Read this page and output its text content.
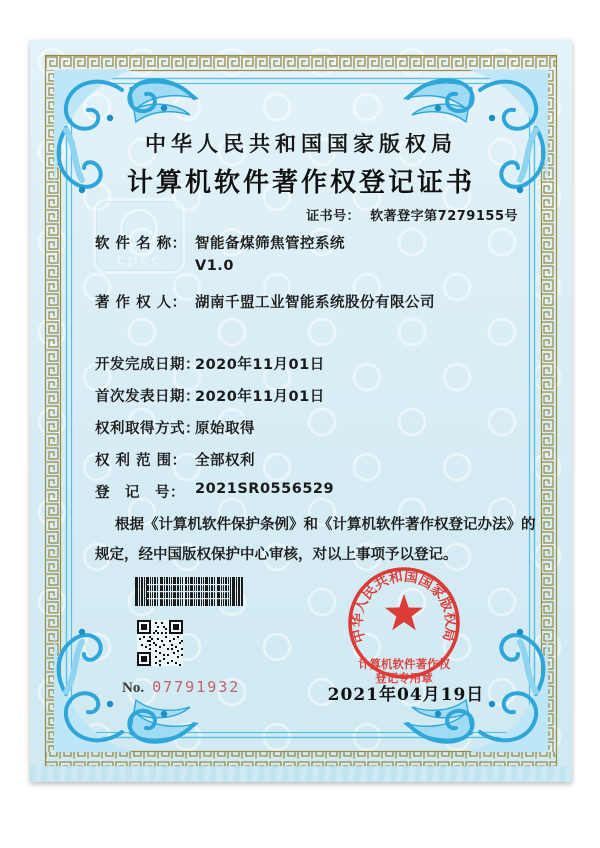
cpcc
中华人民共和国国家版权局
计算机软件著作权登记证书
证书号： 软著登字第7279155号
软 件 名 称： 智能备煤筛焦管控系统
V1.0
著 作 权 人： 湖南千盟工业智能系统股份有限公司
开发完成日期：
2020年11月01日
首次发表日期：
2020年11月01日
权利取得方式：
原始取得
权 利 范 围： 全部权利
登　记　号： 2021SR0556529
根据《计算机软件保护条例》和《计算机软件著作权登记办法》的
规定，经中国版权保护中心审核，对以上事项予以登记。
No. 07791932
中华人民共和国国家版权局
计算机软件著作权
登记专用章
2021年04月19日
